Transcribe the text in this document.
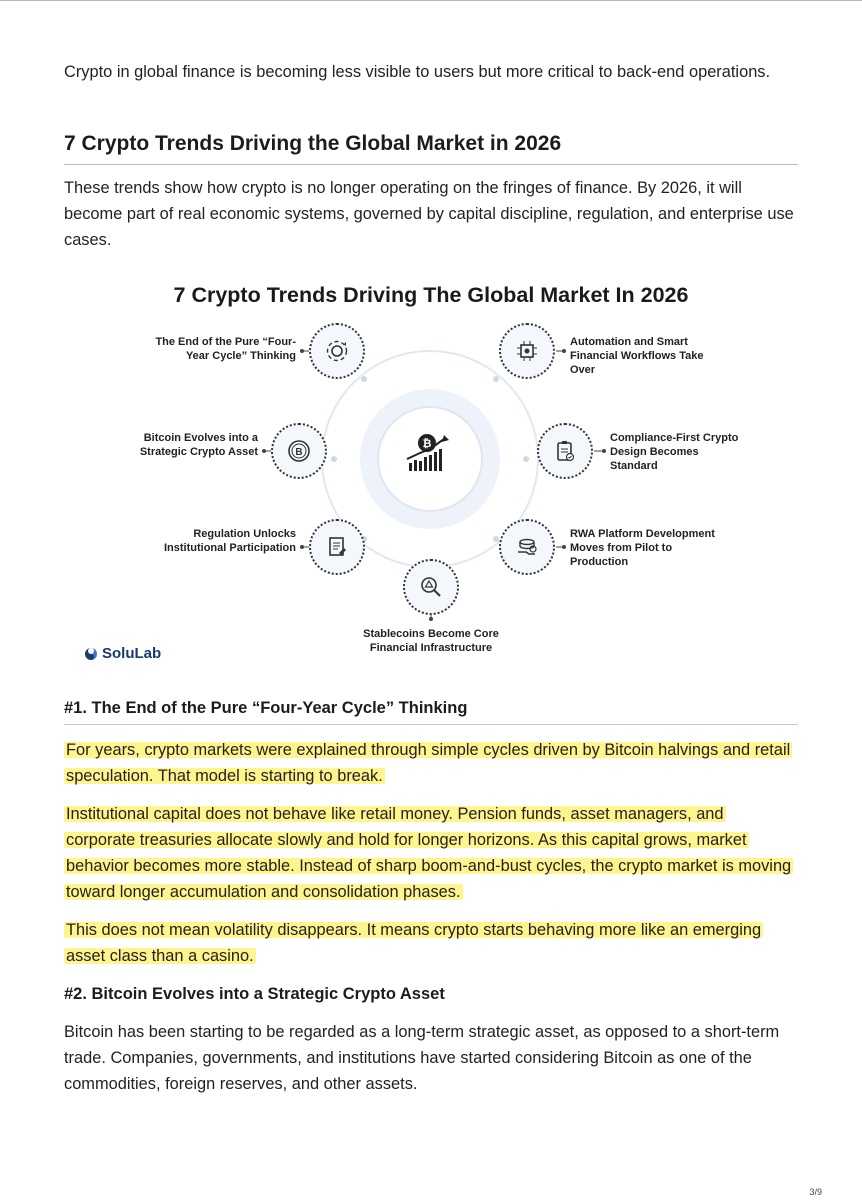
Crypto in global finance is becoming less visible to users but more critical to back-end operations.

7 Crypto Trends Driving the Global Market in 2026

These trends show how crypto is no longer operating on the fringes of finance. By 2026, it will become part of real economic systems, governed by capital discipline, regulation, and enterprise use cases.

7 Crypto Trends Driving The Global Market In 2026
₿
B
The End of the Pure “Four-Year Cycle” Thinking
Automation and Smart Financial Workflows Take Over
Bitcoin Evolves into a Strategic Crypto Asset
Compliance-First Crypto Design Becomes Standard
Regulation Unlocks Institutional Participation
RWA Platform Development Moves from Pilot to Production
Stablecoins Become Core Financial Infrastructure
SoluLab
#1. The End of the Pure “Four-Year Cycle” Thinking

For years, crypto markets were explained through simple cycles driven by Bitcoin halvings and retail speculation. That model is starting to break.

Institutional capital does not behave like retail money. Pension funds, asset managers, and corporate treasuries allocate slowly and hold for longer horizons. As this capital grows, market behavior becomes more stable. Instead of sharp boom-and-bust cycles, the crypto market is moving toward longer accumulation and consolidation phases.

This does not mean volatility disappears. It means crypto starts behaving more like an emerging asset class than a casino.

#2. Bitcoin Evolves into a Strategic Crypto Asset

Bitcoin has been starting to be regarded as a long-term strategic asset, as opposed to a short-term trade. Companies, governments, and institutions have started considering Bitcoin as one of the commodities, foreign reserves, and other assets.

3/9
